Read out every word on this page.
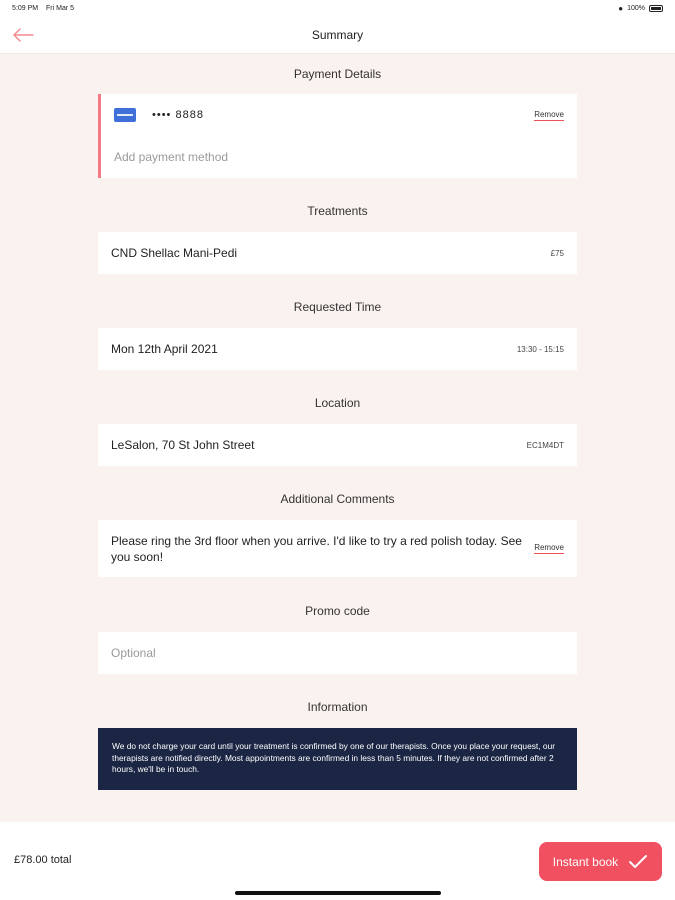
5:09 PM Fri Mar 5	● 100%
Summary
Payment Details
•••• 8888	Remove
Add payment method
Treatments
CND Shellac Mani-Pedi	£75
Requested Time
Mon 12th April 2021	13:30 - 15:15
Location
LeSalon, 70 St John Street	EC1M4DT
Additional Comments
Please ring the 3rd floor when you arrive. I'd like to try a red polish today. See you soon!
Remove
Promo code
Optional
Information
We do not charge your card until your treatment is confirmed by one of our therapists. Once you place your request, our therapists are notified directly. Most appointments are confirmed in less than 5 minutes. If they are not confirmed after 2 hours, we'll be in touch.
£78.00 total	Instant book
